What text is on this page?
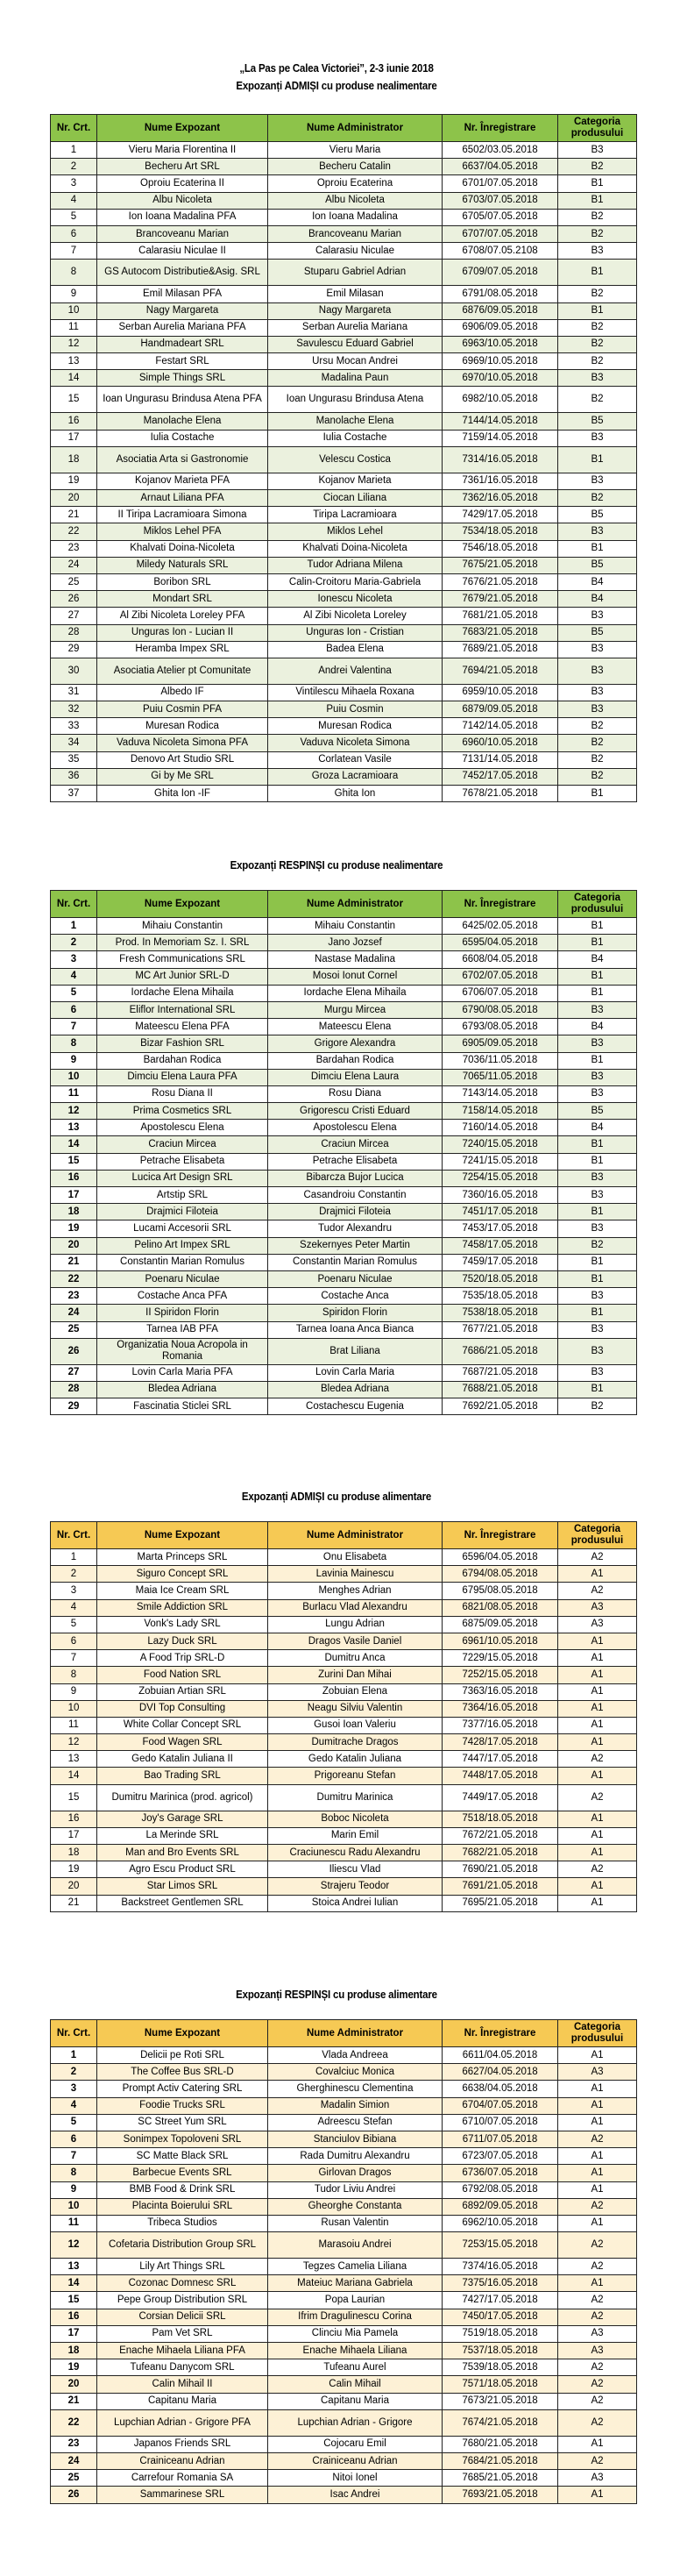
„La Pas pe Calea Victoriei”, 2-3 iunie 2018
Expozanți ADMIȘI cu produse nealimentare
Nr. Crt.	Nume Expozant	Nume Administrator	Nr. Înregistrare	Categoria produsului
1	Vieru Maria Florentina II	Vieru Maria	6502/03.05.2018	B3
2	Becheru Art SRL	Becheru Catalin	6637/04.05.2018	B2
3	Oproiu Ecaterina II	Oproiu Ecaterina	6701/07.05.2018	B1
4	Albu Nicoleta	Albu Nicoleta	6703/07.05.2018	B1
5	Ion Ioana Madalina PFA	Ion Ioana Madalina	6705/07.05.2018	B2
6	Brancoveanu Marian	Brancoveanu Marian	6707/07.05.2018	B2
7	Calarasiu Niculae II	Calarasiu Niculae	6708/07.05.2108	B3
8	GS Autocom Distributie&Asig. SRL	Stuparu Gabriel Adrian	6709/07.05.2018	B1
9	Emil Milasan PFA	Emil Milasan	6791/08.05.2018	B2
10	Nagy Margareta	Nagy Margareta	6876/09.05.2018	B1
11	Serban Aurelia Mariana PFA	Serban Aurelia Mariana	6906/09.05.2018	B2
12	Handmadeart SRL	Savulescu Eduard Gabriel	6963/10.05.2018	B2
13	Festart SRL	Ursu Mocan Andrei	6969/10.05.2018	B2
14	Simple Things SRL	Madalina Paun	6970/10.05.2018	B3
15	Ioan Ungurasu Brindusa Atena PFA	Ioan Ungurasu Brindusa Atena	6982/10.05.2018	B2
16	Manolache Elena	Manolache Elena	7144/14.05.2018	B5
17	Iulia Costache	Iulia Costache	7159/14.05.2018	B3
18	Asociatia Arta si Gastronomie	Velescu Costica	7314/16.05.2018	B1
19	Kojanov Marieta PFA	Kojanov Marieta	7361/16.05.2018	B3
20	Arnaut Liliana PFA	Ciocan Liliana	7362/16.05.2018	B2
21	II Tiripa Lacramioara Simona	Tiripa Lacramioara	7429/17.05.2018	B5
22	Miklos Lehel PFA	Miklos Lehel	7534/18.05.2018	B3
23	Khalvati Doina-Nicoleta	Khalvati Doina-Nicoleta	7546/18.05.2018	B1
24	Miledy Naturals SRL	Tudor Adriana Milena	7675/21.05.2018	B5
25	Boribon SRL	Calin-Croitoru Maria-Gabriela	7676/21.05.2018	B4
26	Mondart SRL	Ionescu Nicoleta	7679/21.05.2018	B4
27	Al Zibi Nicoleta Loreley PFA	Al Zibi Nicoleta Loreley	7681/21.05.2018	B3
28	Unguras Ion - Lucian II	Unguras Ion - Cristian	7683/21.05.2018	B5
29	Heramba Impex SRL	Badea Elena	7689/21.05.2018	B3
30	Asociatia Atelier pt Comunitate	Andrei Valentina	7694/21.05.2018	B3
31	Albedo IF	Vintilescu Mihaela Roxana	6959/10.05.2018	B3
32	Puiu Cosmin PFA	Puiu Cosmin	6879/09.05.2018	B3
33	Muresan Rodica	Muresan Rodica	7142/14.05.2018	B2
34	Vaduva Nicoleta Simona PFA	Vaduva Nicoleta Simona	6960/10.05.2018	B2
35	Denovo Art Studio SRL	Corlatean Vasile	7131/14.05.2018	B2
36	Gi by Me SRL	Groza Lacramioara	7452/17.05.2018	B2
37	Ghita Ion -IF	Ghita Ion	7678/21.05.2018	B1
Expozanți RESPINȘI cu produse nealimentare
Nr. Crt.	Nume Expozant	Nume Administrator	Nr. Înregistrare	Categoria produsului
1	Mihaiu Constantin	Mihaiu Constantin	6425/02.05.2018	B1
2	Prod. In Memoriam Sz. I. SRL	Jano Jozsef	6595/04.05.2018	B1
3	Fresh Communications SRL	Nastase Madalina	6608/04.05.2018	B4
4	MC Art Junior SRL-D	Mosoi Ionut Cornel	6702/07.05.2018	B1
5	Iordache Elena Mihaila	Iordache Elena Mihaila	6706/07.05.2018	B1
6	Eliflor International SRL	Murgu Mircea	6790/08.05.2018	B3
7	Mateescu Elena PFA	Mateescu Elena	6793/08.05.2018	B4
8	Bizar Fashion SRL	Grigore Alexandra	6905/09.05.2018	B3
9	Bardahan Rodica	Bardahan Rodica	7036/11.05.2018	B1
10	Dimciu Elena Laura PFA	Dimciu Elena Laura	7065/11.05.2018	B3
11	Rosu Diana II	Rosu Diana	7143/14.05.2018	B3
12	Prima Cosmetics SRL	Grigorescu Cristi Eduard	7158/14.05.2018	B5
13	Apostolescu Elena	Apostolescu Elena	7160/14.05.2018	B4
14	Craciun Mircea	Craciun Mircea	7240/15.05.2018	B1
15	Petrache Elisabeta	Petrache Elisabeta	7241/15.05.2018	B1
16	Lucica Art Design SRL	Bibarcza Bujor Lucica	7254/15.05.2018	B3
17	Artstip SRL	Casandroiu Constantin	7360/16.05.2018	B3
18	Drajmici Filoteia	Drajmici Filoteia	7451/17.05.2018	B1
19	Lucami Accesorii SRL	Tudor Alexandru	7453/17.05.2018	B3
20	Pelino Art Impex SRL	Szekernyes Peter Martin	7458/17.05.2018	B2
21	Constantin Marian Romulus	Constantin Marian Romulus	7459/17.05.2018	B1
22	Poenaru Niculae	Poenaru Niculae	7520/18.05.2018	B1
23	Costache Anca PFA	Costache Anca	7535/18.05.2018	B3
24	II Spiridon Florin	Spiridon Florin	7538/18.05.2018	B1
25	Tarnea IAB PFA	Tarnea Ioana Anca Bianca	7677/21.05.2018	B3
26	Organizatia Noua Acropola in Romania	Brat Liliana	7686/21.05.2018	B3
27	Lovin Carla Maria PFA	Lovin Carla Maria	7687/21.05.2018	B3
28	Bledea Adriana	Bledea Adriana	7688/21.05.2018	B1
29	Fascinatia Sticlei SRL	Costachescu Eugenia	7692/21.05.2018	B2
Expozanți ADMIȘI cu produse alimentare
Nr. Crt.	Nume Expozant	Nume Administrator	Nr. Înregistrare	Categoria produsului
1	Marta Princeps SRL	Onu Elisabeta	6596/04.05.2018	A2
2	Siguro Concept SRL	Lavinia Mainescu	6794/08.05.2018	A1
3	Maia Ice Cream SRL	Menghes Adrian	6795/08.05.2018	A2
4	Smile Addiction SRL	Burlacu Vlad Alexandru	6821/08.05.2018	A3
5	Vonk's Lady SRL	Lungu Adrian	6875/09.05.2018	A3
6	Lazy Duck SRL	Dragos Vasile Daniel	6961/10.05.2018	A1
7	A Food Trip SRL-D	Dumitru Anca	7229/15.05.2018	A1
8	Food Nation SRL	Zurini Dan Mihai	7252/15.05.2018	A1
9	Zobuian Artian SRL	Zobuian Elena	7363/16.05.2018	A1
10	DVI Top Consulting	Neagu Silviu Valentin	7364/16.05.2018	A1
11	White Collar Concept SRL	Gusoi Ioan Valeriu	7377/16.05.2018	A1
12	Food Wagen SRL	Dumitrache Dragos	7428/17.05.2018	A1
13	Gedo Katalin Juliana II	Gedo Katalin Juliana	7447/17.05.2018	A2
14	Bao Trading SRL	Prigoreanu Stefan	7448/17.05.2018	A1
15	Dumitru Marinica (prod. agricol)	Dumitru Marinica	7449/17.05.2018	A2
16	Joy's Garage SRL	Boboc Nicoleta	7518/18.05.2018	A1
17	La Merinde SRL	Marin Emil	7672/21.05.2018	A1
18	Man and Bro Events SRL	Craciunescu Radu Alexandru	7682/21.05.2018	A1
19	Agro Escu Product SRL	Iliescu Vlad	7690/21.05.2018	A2
20	Star Limos SRL	Strajeru Teodor	7691/21.05.2018	A1
21	Backstreet Gentlemen SRL	Stoica Andrei Iulian	7695/21.05.2018	A1
Expozanți RESPINȘI cu produse alimentare
Nr. Crt.	Nume Expozant	Nume Administrator	Nr. Înregistrare	Categoria produsului
1	Delicii pe Roti SRL	Vlada Andreea	6611/04.05.2018	A1
2	The Coffee Bus SRL-D	Covalciuc Monica	6627/04.05.2018	A3
3	Prompt Activ Catering SRL	Gherghinescu Clementina	6638/04.05.2018	A1
4	Foodie Trucks SRL	Madalin Simion	6704/07.05.2018	A1
5	SC Street Yum SRL	Adreescu Stefan	6710/07.05.2018	A1
6	Sonimpex Topoloveni SRL	Stanciulov Bibiana	6711/07.05.2018	A2
7	SC Matte Black SRL	Rada Dumitru Alexandru	6723/07.05.2018	A1
8	Barbecue Events SRL	Girlovan Dragos	6736/07.05.2018	A1
9	BMB Food & Drink SRL	Tudor Liviu Andrei	6792/08.05.2018	A1
10	Placinta Boierului SRL	Gheorghe Constanta	6892/09.05.2018	A2
11	Tribeca Studios	Rusan Valentin	6962/10.05.2018	A1
12	Cofetaria Distribution Group SRL	Marasoiu Andrei	7253/15.05.2018	A2
13	Lily Art Things SRL	Tegzes Camelia Liliana	7374/16.05.2018	A2
14	Cozonac Domnesc SRL	Mateiuc Mariana Gabriela	7375/16.05.2018	A1
15	Pepe Group Distribution SRL	Popa Laurian	7427/17.05.2018	A2
16	Corsian Delicii SRL	Ifrim Dragulinescu Corina	7450/17.05.2018	A2
17	Pam Vet SRL	Clinciu Mia Pamela	7519/18.05.2018	A3
18	Enache Mihaela Liliana PFA	Enache Mihaela Liliana	7537/18.05.2018	A3
19	Tufeanu Danycom SRL	Tufeanu Aurel	7539/18.05.2018	A2
20	Calin Mihail II	Calin Mihail	7571/18.05.2018	A2
21	Capitanu Maria	Capitanu Maria	7673/21.05.2018	A2
22	Lupchian Adrian - Grigore PFA	Lupchian Adrian - Grigore	7674/21.05.2018	A2
23	Japanos Friends SRL	Cojocaru Emil	7680/21.05.2018	A1
24	Crainiceanu Adrian	Crainiceanu Adrian	7684/21.05.2018	A2
25	Carrefour Romania SA	Nitoi Ionel	7685/21.05.2018	A3
26	Sammarinese SRL	Isac Andrei	7693/21.05.2018	A1
